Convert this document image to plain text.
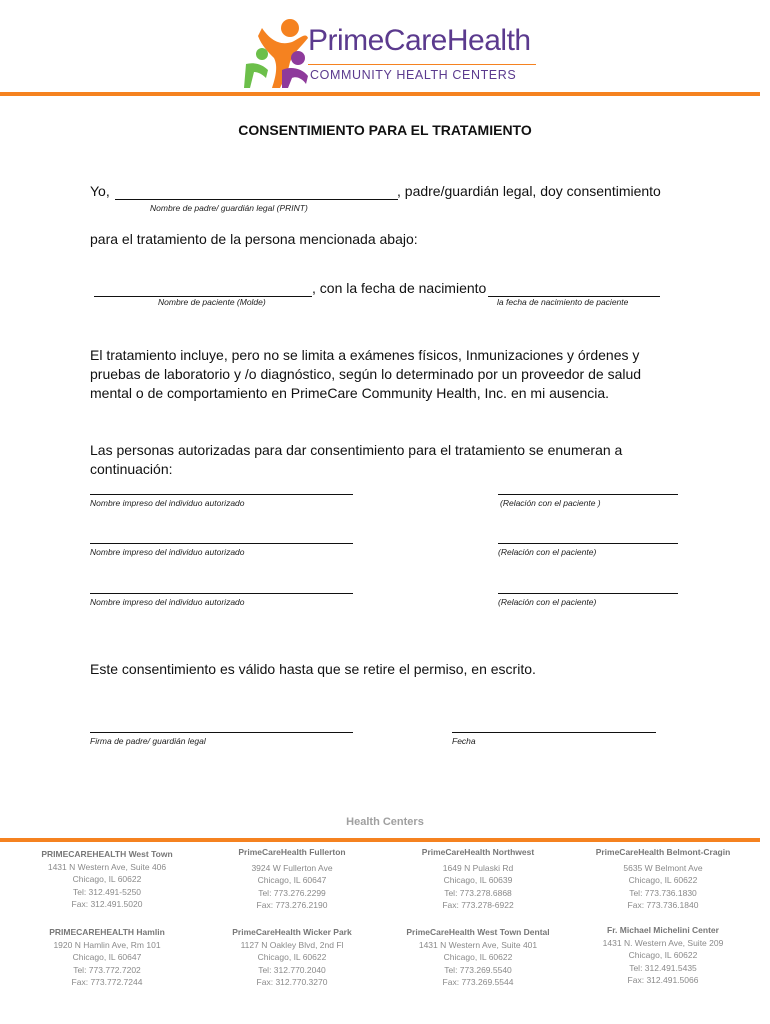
PrimeCareHealth
COMMUNITY HEALTH CENTERS
CONSENTIMIENTO PARA EL TRATAMIENTO
Yo,	, padre/guardián legal, doy consentimiento
Nombre de padre/ guardián legal (PRINT)
para el tratamiento de la persona mencionada abajo:
, con la fecha de nacimiento
Nombre de paciente (Molde)	la fecha de nacimiento de paciente
El tratamiento incluye, pero no se limita a exámenes físicos, Inmunizaciones y órdenes y pruebas de laboratorio y /o diagnóstico, según lo determinado por un proveedor de salud mental o de comportamiento en PrimeCare Community Health, Inc. en mi ausencia.
Las personas autorizadas para dar consentimiento para el tratamiento se enumeran a continuación:
Nombre impreso del individuo autorizado	(Relación con el paciente )
Nombre impreso del individuo autorizado	(Relación con el paciente)
Nombre impreso del individuo autorizado	(Relación con el paciente)
Este consentimiento es válido hasta que se retire el permiso, en escrito.
Firma de padre/ guardián legal	Fecha
Health Centers
PRIMECAREHEALTH West Town
1431 N Western Ave, Suite 406
Chicago, IL 60622
Tel: 312.491-5250
Fax: 312.491.5020
PrimeCareHealth Fullerton
3924 W Fullerton Ave
Chicago, IL 60647
Tel: 773.276.2299
Fax: 773.276.2190
PrimeCareHealth Northwest
1649 N Pulaski Rd
Chicago, IL 60639
Tel: 773.278.6868
Fax: 773.278-6922
PrimeCareHealth Belmont-Cragin
5635 W Belmont Ave
Chicago, IL 60622
Tel: 773.736.1830
Fax: 773.736.1840
PRIMECAREHEALTH Hamlin
1920 N Hamlin Ave, Rm 101
Chicago, IL 60647
Tel: 773.772.7202
Fax: 773.772.7244
PrimeCareHealth Wicker Park
1127 N Oakley Blvd, 2nd Fl
Chicago, IL 60622
Tel: 312.770.2040
Fax: 312.770.3270
PrimeCareHealth West Town Dental
1431 N Western Ave, Suite 401
Chicago, IL 60622
Tel: 773.269.5540
Fax: 773.269.5544
Fr. Michael Michelini Center
1431 N. Western Ave, Suite 209
Chicago, IL 60622
Tel: 312.491.5435
Fax: 312.491.5066
